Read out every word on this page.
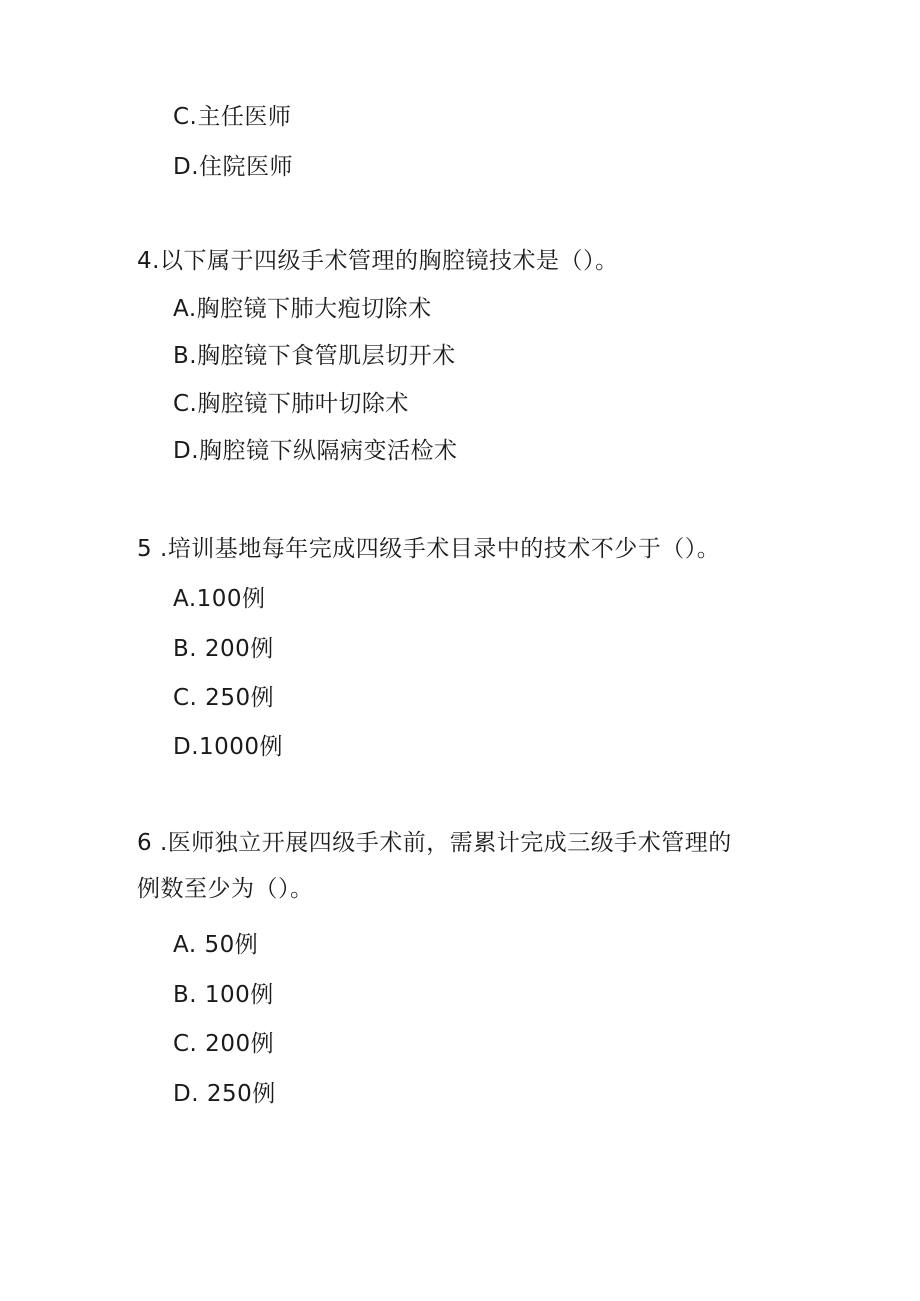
C.主任医师
D.住院医师
4.以下属于四级手术管理的胸腔镜技术是（）。
A.胸腔镜下肺大疱切除术
B.胸腔镜下食管肌层切开术
C.胸腔镜下肺叶切除术
D.胸腔镜下纵隔病变活检术
5 .培训基地每年完成四级手术目录中的技术不少于（）。
A.100例
B. 200例
C. 250例
D.1000例
6 .医师独立开展四级手术前，需累计完成三级手术管理的
例数至少为（）。
A. 50例
B. 100例
C. 200例
D. 250例
